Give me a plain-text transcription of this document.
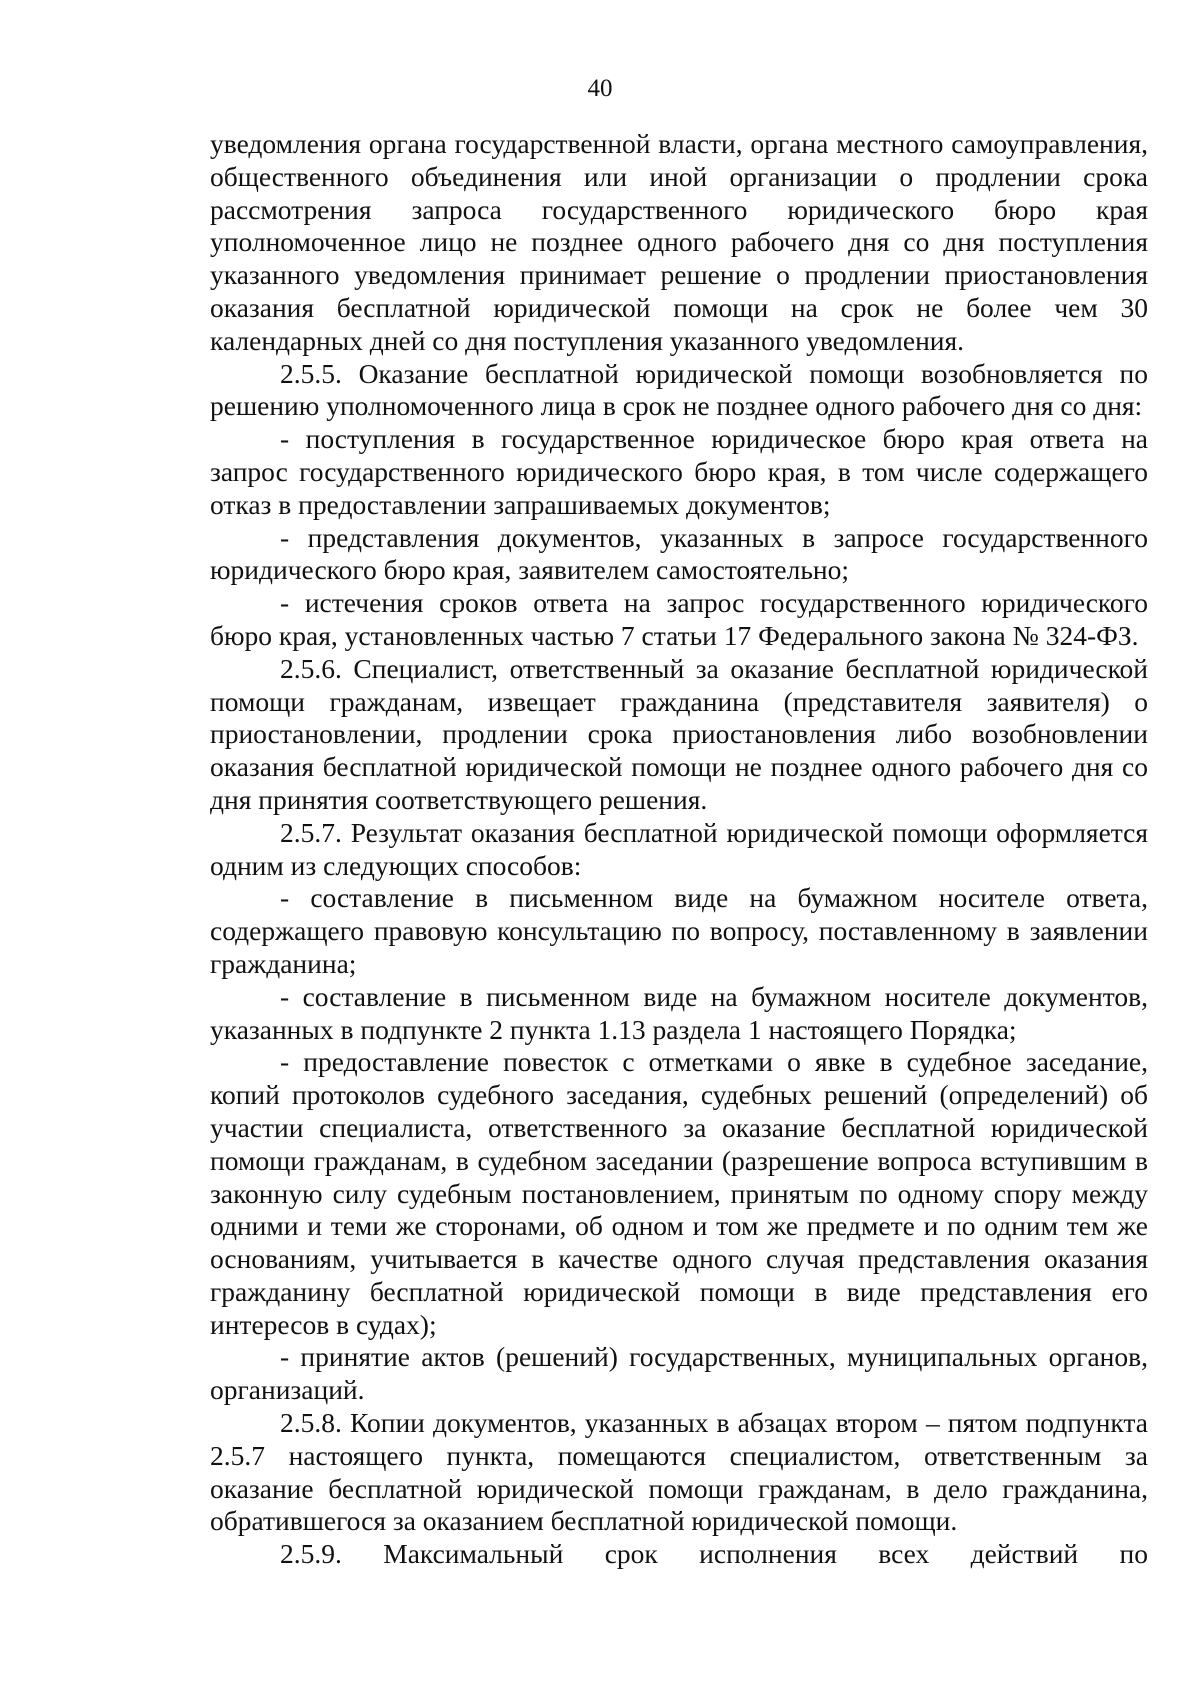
40

уведомления органа государственной власти, органа местного самоуправления, общественного объединения или иной организации о продлении срока рассмотрения запроса государственного юридического бюро края уполномоченное лицо не позднее одного рабочего дня со дня поступления указанного уведомления принимает решение о продлении приостановления оказания бесплатной юридической помощи на срок не более чем 30 календарных дней со дня поступления указанного уведомления.

2.5.5. Оказание бесплатной юридической помощи возобновляется по решению уполномоченного лица в срок не позднее одного рабочего дня со дня:

- поступления в государственное юридическое бюро края ответа на запрос государственного юридического бюро края, в том числе содержащего отказ в предоставлении запрашиваемых документов;

- представления документов, указанных в запросе государственного юридического бюро края, заявителем самостоятельно;

- истечения сроков ответа на запрос государственного юридического бюро края, установленных частью 7 статьи 17 Федерального закона № 324-ФЗ.

2.5.6. Специалист, ответственный за оказание бесплатной юридической помощи гражданам, извещает гражданина (представителя заявителя) о приостановлении, продлении срока приостановления либо возобновлении оказания бесплатной юридической помощи не позднее одного рабочего дня со дня принятия соответствующего решения.

2.5.7. Результат оказания бесплатной юридической помощи оформляется одним из следующих способов:

- составление в письменном виде на бумажном носителе ответа, содержащего правовую консультацию по вопросу, поставленному в заявлении гражданина;

- составление в письменном виде на бумажном носителе документов, указанных в подпункте 2 пункта 1.13 раздела 1 настоящего Порядка;

- предоставление повесток с отметками о явке в судебное заседание, копий протоколов судебного заседания, судебных решений (определений) об участии специалиста, ответственного за оказание бесплатной юридической помощи гражданам, в судебном заседании (разрешение вопроса вступившим в законную силу судебным постановлением, принятым по одному спору между одними и теми же сторонами, об одном и том же предмете и по одним тем же основаниям, учитывается в качестве одного случая представления оказания гражданину бесплатной юридической помощи в виде представления его интересов в судах);

- принятие актов (решений) государственных, муниципальных органов, организаций.

2.5.8. Копии документов, указанных в абзацах втором – пятом подпункта 2.5.7 настоящего пункта, помещаются специалистом, ответственным за оказание бесплатной юридической помощи гражданам, в дело гражданина, обратившегося за оказанием бесплатной юридической помощи.

2.5.9. Максимальный срок исполнения всех действий по
